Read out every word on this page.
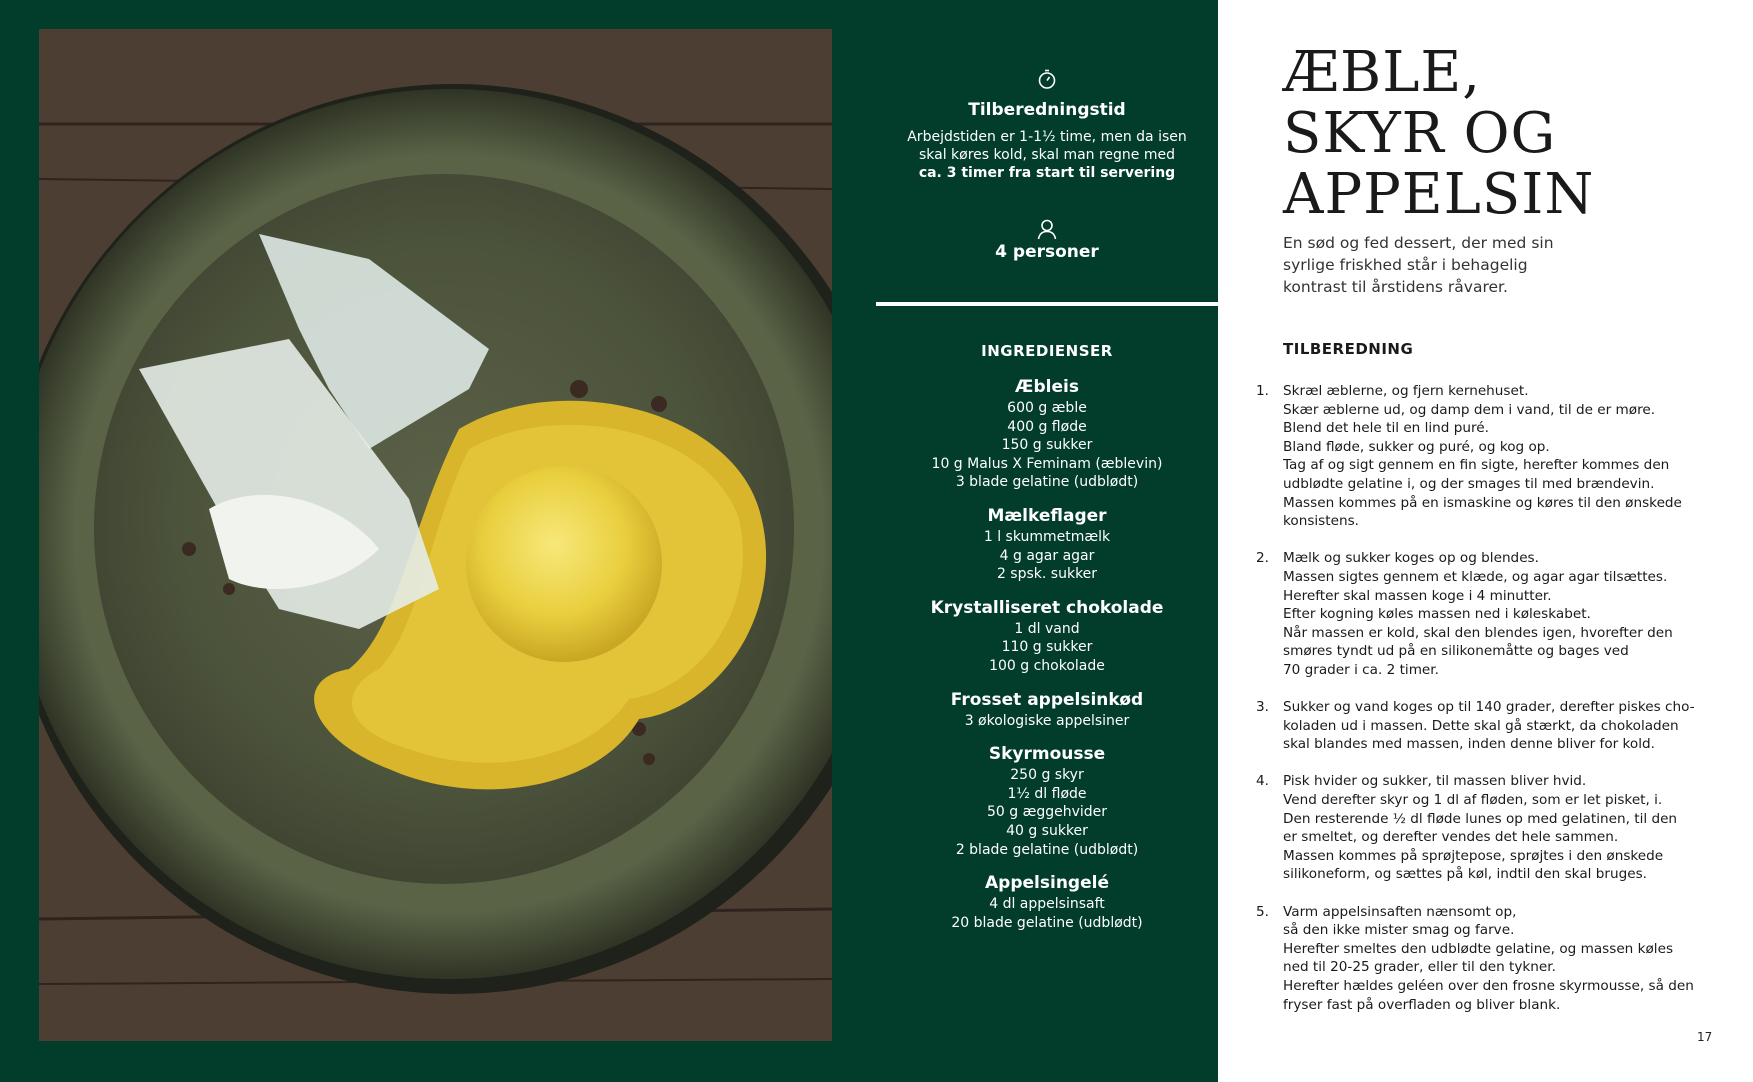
Tilberedningstid
Arbejdstiden er 1-1½ time, men da isen
skal køres kold, skal man regne med
ca. 3 timer fra start til servering
4 personer
INGREDIENSER
Æbleis
600 g æble
400 g fløde
150 g sukker
10 g Malus X Feminam (æblevin)
3 blade gelatine (udblødt)
Mælkeflager
1 l skummetmælk
4 g agar agar
2 spsk. sukker
Krystalliseret chokolade
1 dl vand
110 g sukker
100 g chokolade
Frosset appelsinkød
3 økologiske appelsiner
Skyrmousse
250 g skyr
1½ dl fløde
50 g æggehvider
40 g sukker
2 blade gelatine (udblødt)
Appelsingelé
4 dl appelsinsaft
20 blade gelatine (udblødt)
ÆBLE,
SKYR OG
APPELSIN
En sød og fed dessert, der med sin
syrlige friskhed står i behagelig
kontrast til årstidens råvarer.
TILBEREDNING
1. Skræl æblerne, og fjern kernehuset.
Skær æblerne ud, og damp dem i vand, til de er møre.
Blend det hele til en lind puré.
Bland fløde, sukker og puré, og kog op.
Tag af og sigt gennem en fin sigte, herefter kommes den
udblødte gelatine i, og der smages til med brændevin.
Massen kommes på en ismaskine og køres til den ønskede
konsistens.
2. Mælk og sukker koges op og blendes.
Massen sigtes gennem et klæde, og agar agar tilsættes.
Herefter skal massen koge i 4 minutter.
Efter kogning køles massen ned i køleskabet.
Når massen er kold, skal den blendes igen, hvorefter den
smøres tyndt ud på en silikonemåtte og bages ved
70 grader i ca. 2 timer.
3. Sukker og vand koges op til 140 grader, derefter piskes cho-
koladen ud i massen. Dette skal gå stærkt, da chokoladen
skal blandes med massen, inden denne bliver for kold.
4. Pisk hvider og sukker, til massen bliver hvid.
Vend derefter skyr og 1 dl af fløden, som er let pisket, i.
Den resterende ½ dl fløde lunes op med gelatinen, til den
er smeltet, og derefter vendes det hele sammen.
Massen kommes på sprøjtepose, sprøjtes i den ønskede
silikoneform, og sættes på køl, indtil den skal bruges.
5. Varm appelsinsaften nænsomt op,
så den ikke mister smag og farve.
Herefter smeltes den udblødte gelatine, og massen køles
ned til 20-25 grader, eller til den tykner.
Herefter hældes geléen over den frosne skyrmousse, så den
fryser fast på overfladen og bliver blank.
17
